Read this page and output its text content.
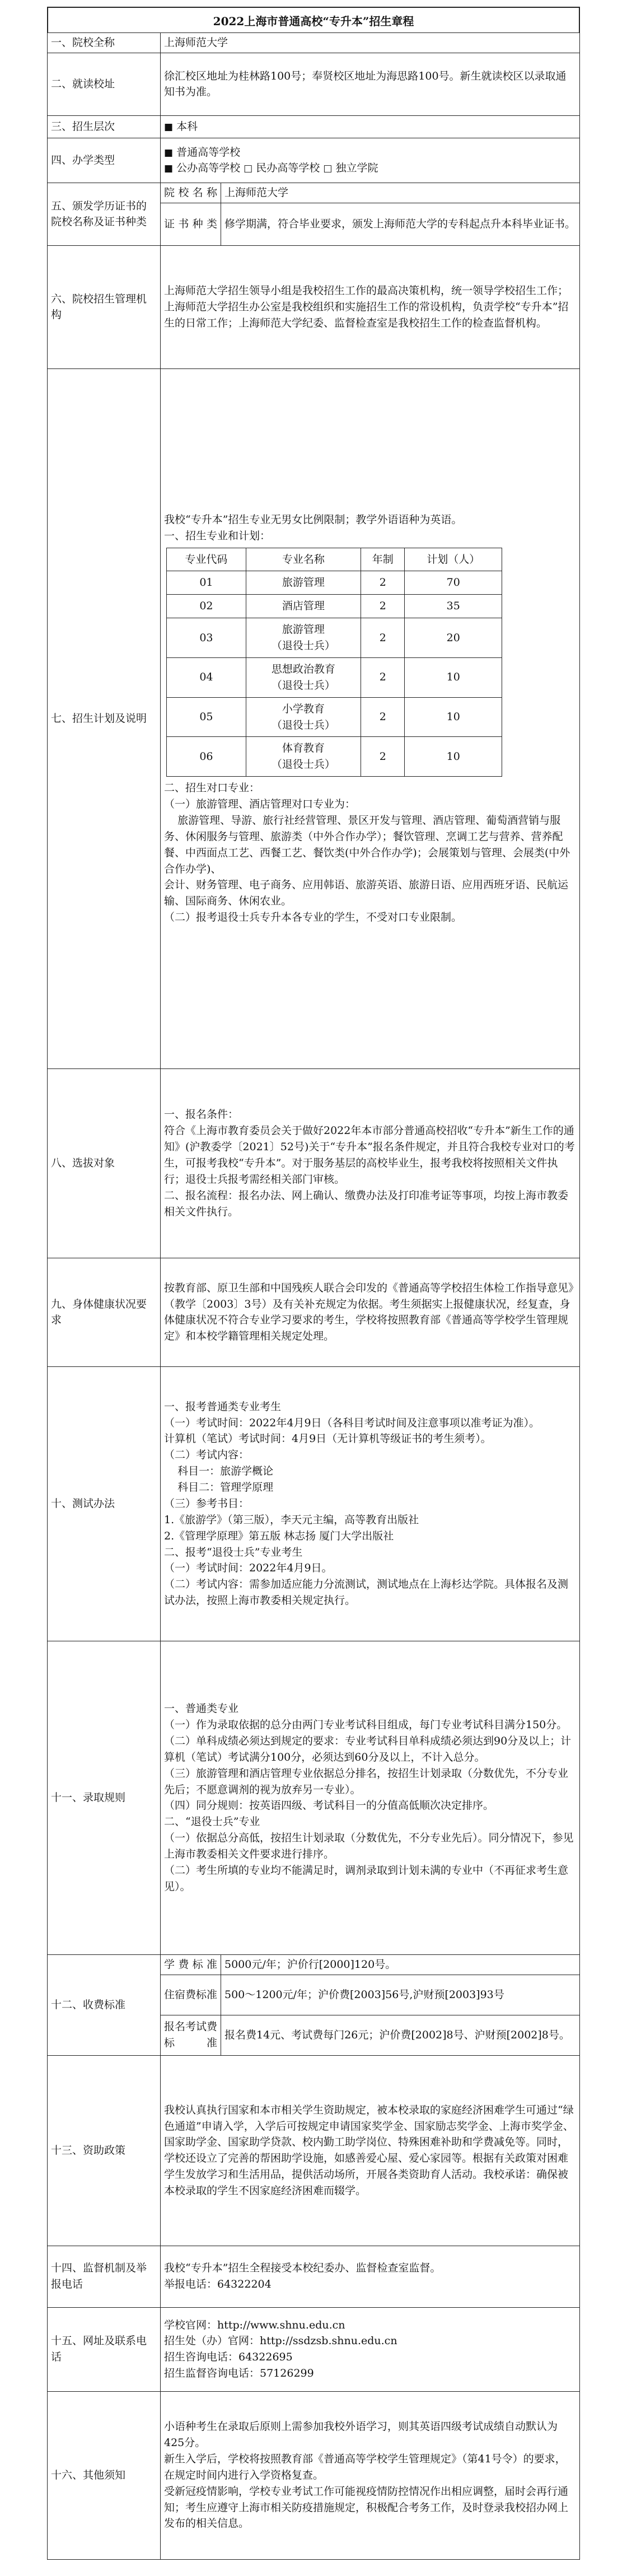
2022上海市普通高校“专升本”招生章程
一、院校全称	上海师范大学
二、就读校址	徐汇校区地址为桂林路100号；奉贤校区地址为海思路100号。新生就读校区以录取通知书为准。
三、招生层次	■ 本科
四、办学类型	
■ 普通高等学校
■ 公办高等学校 □ 民办高等学校 □ 独立学院

五、颁发学历证书的院校名称及证书种类	院校名称	上海师范大学
证书种类	修学期满，符合毕业要求，颁发上海师范大学的专科起点升本科毕业证书。
六、院校招生管理机构	上海师范大学招生领导小组是我校招生工作的最高决策机构，统一领导学校招生工作；上海师范大学招生办公室是我校组织和实施招生工作的常设机构，负责学校“专升本”招生的日常工作；上海师范大学纪委、监督检查室是我校招生工作的检查监督机构。
七、招生计划及说明	

我校“专升本”招生专业无男女比例限制；教学外语语种为英语。
一、招生专业和计划：

专业代码	专业名称	年制	计划（人）
01	旅游管理	2	70
02	酒店管理	2	35
03	旅游管理
（退役士兵）	2	20
04	思想政治教育
（退役士兵）	2	10
05	小学教育
（退役士兵）	2	10
06	体育教育
（退役士兵）	2	10

二、招生对口专业：
（一）旅游管理、酒店管理对口专业为：
旅游管理、导游、旅行社经营管理、景区开发与管理、酒店管理、葡萄酒营销与服务、休闲服务与管理、旅游类（中外合作办学）；餐饮管理、烹调工艺与营养、营养配餐、中西面点工艺、西餐工艺、餐饮类(中外合作办学)；会展策划与管理、会展类(中外合作办学)、
会计、财务管理、电子商务、应用韩语、旅游英语、旅游日语、应用西班牙语、民航运输、国际商务、休闲农业。
（二）报考退役士兵专升本各专业的学生，不受对口专业限制。

八、选拔对象	一、报名条件：
符合《上海市教育委员会关于做好2022年本市部分普通高校招收“专升本”新生工作的通知》(沪教委学〔2021〕52号)关于“专升本”报名条件规定，并且符合我校专业对口的考生，可报考我校“专升本”。对于服务基层的高校毕业生，报考我校将按照相关文件执行；退役士兵报考需经相关部门审核。
二、报名流程：报名办法、网上确认、缴费办法及打印准考证等事项，均按上海市教委相关文件执行。
九、身体健康状况要求	按教育部、原卫生部和中国残疾人联合会印发的《普通高等学校招生体检工作指导意见》（教学〔2003〕3号）及有关补充规定为依据。考生须据实上报健康状况，经复查，身体健康状况不符合专业学习要求的考生，学校将按照教育部《普通高等学校学生管理规定》和本校学籍管理相关规定处理。
十、测试办法	一、报考普通类专业考生
（一）考试时间：2022年4月9日（各科目考试时间及注意事项以准考证为准）。
计算机（笔试）考试时间：4月9日（无计算机等级证书的考生须考）。
（二）考试内容：
科目一：旅游学概论
科目二：管理学原理
（三）参考书目：
1.《旅游学》（第三版），李天元主编，高等教育出版社
2.《管理学原理》第五版 林志扬 厦门大学出版社
二、报考“退役士兵”专业考生
（一）考试时间：2022年4月9日。
（二）考试内容：需参加适应能力分流测试，测试地点在上海杉达学院。具体报名及测试办法，按照上海市教委相关规定执行。
十一、录取规则	一、普通类专业
（一）作为录取依据的总分由两门专业考试科目组成，每门专业考试科目满分150分。
（二）单科成绩必须达到规定的要求：专业考试科目单科成绩必须达到90分及以上；计算机（笔试）考试满分100分，必须达到60分及以上，不计入总分。
（三）旅游管理和酒店管理专业依据总分排名，按招生计划录取（分数优先，不分专业先后；不愿意调剂的视为放弃另一专业）。
（四）同分规则：按英语四级、考试科目一的分值高低顺次决定排序。
二、“退役士兵”专业
（一）依据总分高低，按招生计划录取（分数优先，不分专业先后）。同分情况下，参见上海市教委相关文件要求进行排序。
（二）考生所填的专业均不能满足时，调剂录取到计划未满的专业中（不再征求考生意见）。
十二、收费标准	学费标准	5000元/年；沪价行[2000]120号。
住宿费标准	500～1200元/年；沪价费[2003]56号,沪财预[2003]93号
报名考试费标准	报名费14元、考试费每门26元；沪价费[2002]8号、沪财预[2002]8号。
十三、资助政策	我校认真执行国家和本市相关学生资助规定，被本校录取的家庭经济困难学生可通过“绿色通道”申请入学，入学后可按规定申请国家奖学金、国家励志奖学金、上海市奖学金、国家助学金、国家助学贷款、校内勤工助学岗位、特殊困难补助和学费减免等。同时，学校还设立了完善的帮困助学设施，如感善爱心屋、爱心家园等。根据有关政策对困难学生发放学习和生活用品，提供活动场所，开展各类资助育人活动。我校承诺：确保被本校录取的学生不因家庭经济困难而辍学。
十四、监督机制及举报电话	我校“专升本”招生全程接受本校纪委办、监督检查室监督。
举报电话：64322204
十五、网址及联系电话	学校官网：http://www.shnu.edu.cn
招生处（办）官网：http://ssdzsb.shnu.edu.cn
招生咨询电话：64322695
招生监督咨询电话：57126299
十六、其他须知	小语种考生在录取后原则上需参加我校外语学习，则其英语四级考试成绩自动默认为425分。
新生入学后，学校将按照教育部《普通高等学校学生管理规定》（第41号令）的要求，在规定时间内进行入学资格复查。
受新冠疫情影响，学校专业考试工作可能视疫情防控情况作出相应调整，届时会再行通知；考生应遵守上海市相关防疫措施规定，积极配合考务工作，及时登录我校招办网上发布的相关信息。
